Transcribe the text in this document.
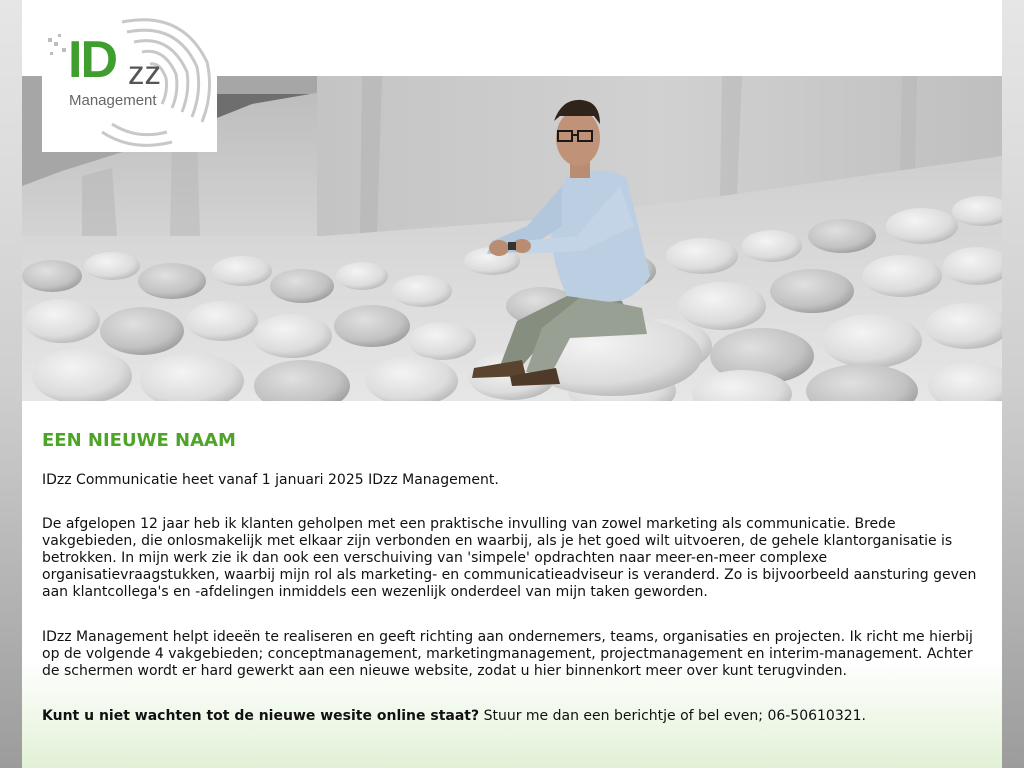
ID zz
Management
EEN NIEUWE NAAM

IDzz Communicatie heet vanaf 1 januari 2025 IDzz Management.

De afgelopen 12 jaar heb ik klanten geholpen met een praktische invulling van zowel marketing als communicatie. Brede vakgebieden, die onlosmakelijk met elkaar zijn verbonden en waarbij, als je het goed wilt uitvoeren, de gehele klantorganisatie is betrokken. In mijn werk zie ik dan ook een verschuiving van 'simpele' opdrachten naar meer-en-meer complexe organisatievraagstukken, waarbij mijn rol als marketing- en communicatieadviseur is veranderd. Zo is bijvoorbeeld aansturing geven aan klantcollega's en -afdelingen inmiddels een wezenlijk onderdeel van mijn taken geworden.

IDzz Management helpt ideeën te realiseren en geeft richting aan ondernemers, teams, organisaties en projecten. Ik richt me hierbij op de volgende 4 vakgebieden; conceptmanagement, marketingmanagement, projectmanagement en interim-management. Achter de schermen wordt er hard gewerkt aan een nieuwe website, zodat u hier binnenkort meer over kunt terugvinden.

Kunt u niet wachten tot de nieuwe wesite online staat? Stuur me dan een berichtje of bel even; 06-50610321.
